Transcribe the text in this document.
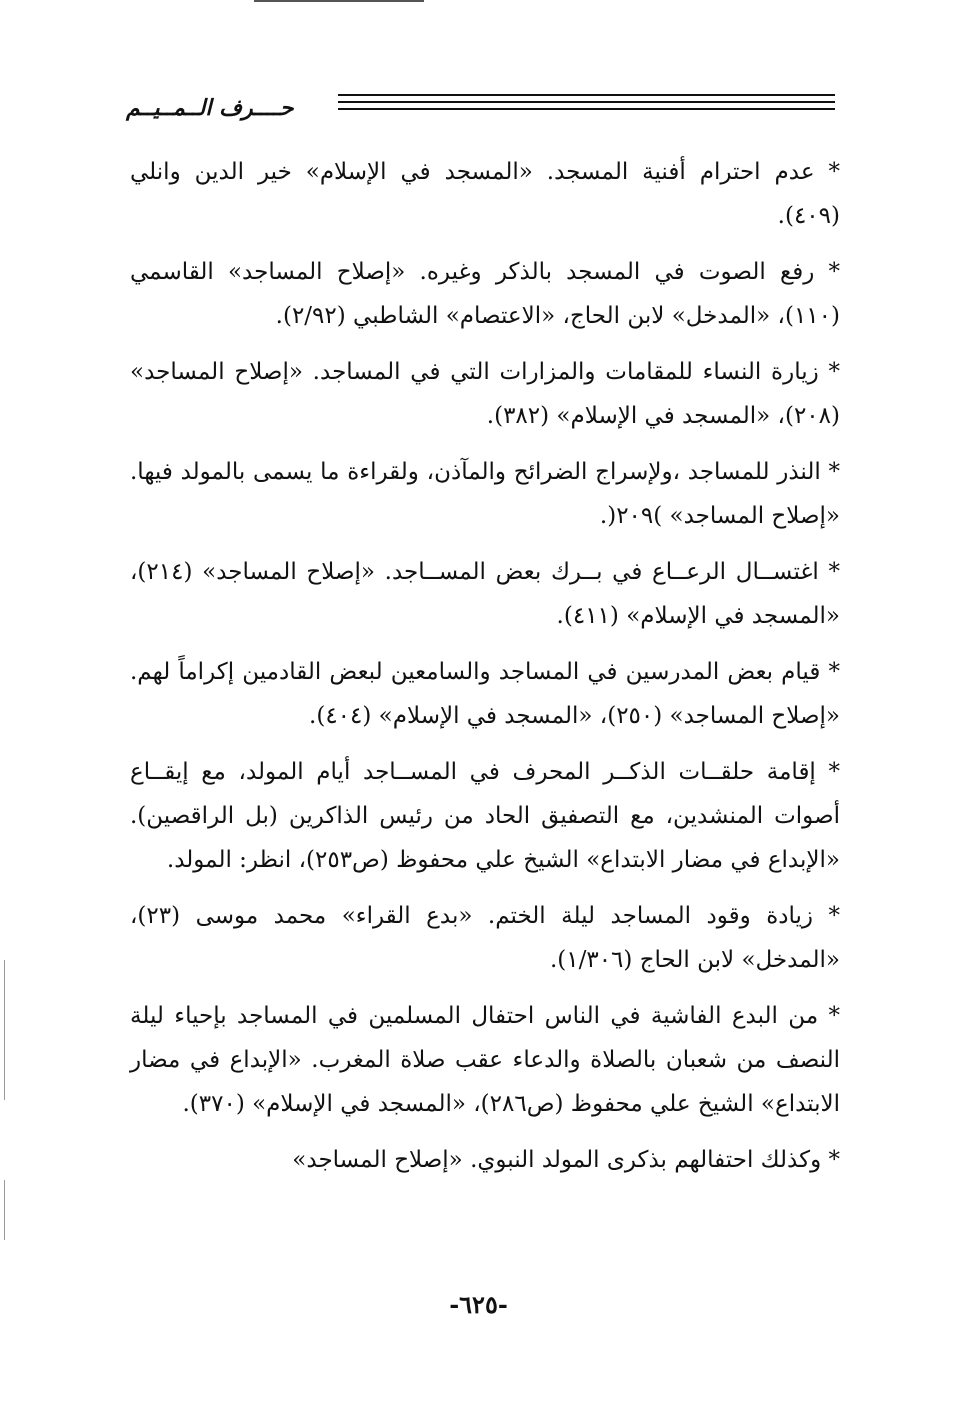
حــــرف الــمــيــم

* عدم احترام أفنية المسجد. «المسجد في الإسلام» خير الدين وانلي (٤٠٩).

* رفع الصوت في المسجد بالذكر وغيره. «إصلاح المساجد» القاسمي (١١٠)، «المدخل» لابن الحاج، «الاعتصام» الشاطبي (٢/٩٢).

* زيارة النساء للمقامات والمزارات التي في المساجد. «إصلاح المساجد» (٢٠٨)، «المسجد في الإسلام» (٣٨٢).

* النذر للمساجد ،ولإسراج الضرائح والمآذن، ولقراءة ما يسمى بالمولد فيها. «إصلاح المساجد» )٢٠٩(.

* اغتســال الرعــاع في بــرك بعض المســاجد. «إصلاح المساجد» (٢١٤)، «المسجد في الإسلام» (٤١١).

* قيام بعض المدرسين في المساجد والسامعين لبعض القادمين إكراماً لهم. «إصلاح المساجد» (٢٥٠)، «المسجد في الإسلام» (٤٠٤).

* إقامة حلقــات الذكــر المحرف في المســاجد أيام المولد، مع إيقــاع أصوات المنشدين، مع التصفيق الحاد من رئيس الذاكرين (بل الراقصين). «الإبداع في مضار الابتداع» الشيخ علي محفوظ (ص٢٥٣)، انظر: المولد.

* زيادة وقود المساجد ليلة الختم. «بدع القراء» محمد موسى (٢٣)، «المدخل» لابن الحاج (١/٣٠٦).

* من البدع الفاشية في الناس احتفال المسلمين في المساجد بإحياء ليلة النصف من شعبان بالصلاة والدعاء عقب صلاة المغرب. «الإبداع في مضار الابتداع» الشيخ علي محفوظ (ص٢٨٦)، «المسجد في الإسلام» (٣٧٠).

* وكذلك احتفالهم بذكرى المولد النبوي. «إصلاح المساجد»

-٦٢٥-
